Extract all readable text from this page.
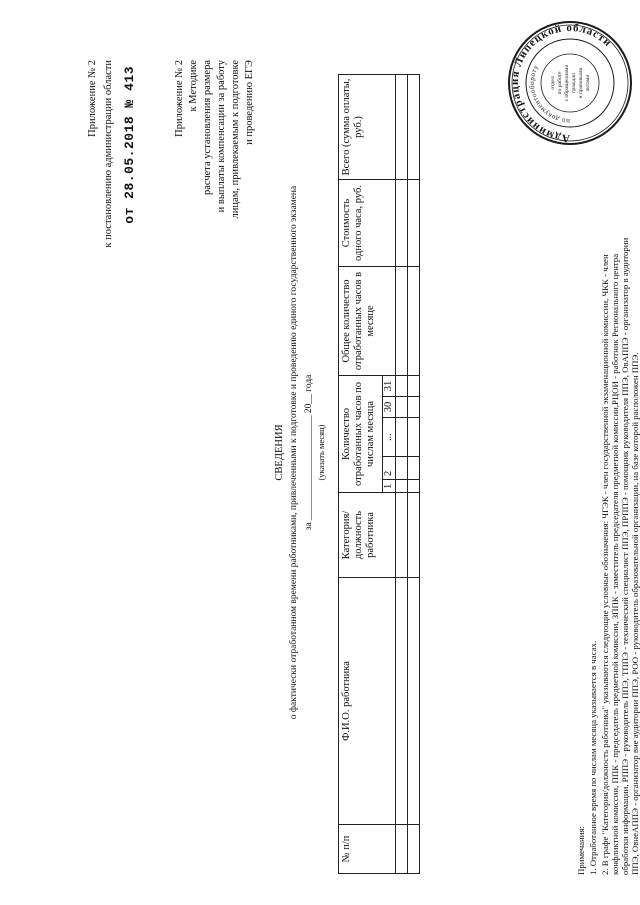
Приложение № 2 к постановлению администрации области от 28.05.2018 № 413	Приложение № 2 к Методике расчета установления размера и выплаты компенсации за работу лицам, привлекаемым к подготовке и проведению ЕГЭ
СВЕДЕНИЯ о фактически отработанном времени работниками, привлеченными к подготовке и проведению единого государственного экзамена за ______________________ 20__ года
(указать месяц)
№ п/п	Ф.И.О. работника	Категория/ должность работника	Количество отработанных часов по числам месяца					Общее количество отработанных часов в месяце	Стоимость одного часа, руб.	Всего (сумма оплаты, руб.)
			1	2	...	30	31			

Примечания: 1. Отработанное время по числам месяца указывается в часах. 2. В графе "Категория/должность работника" указываются следующие условные обозначения: ЧГЭК - член государственной экзаменационной комиссии, ЧКК - член конфликтной комиссии, ППК - председатель предметной комиссии, ЗППК - заместитель председателя предметной комиссии,РЦОИ - работник Регионального центра обработки информации, РППЭ - руководитель ППЭ, ТППЭ - технический специалист ППЭ, ПРППЭ - помощник руководителя ППЭ, ОвАППЭ - организатор в аудитории ППЭ, ОвнеАППЭ - организатор вне аудитории ППЭ, РОО - руководитель образовательной организации, на базе которой расположен ППЭ.
Администрация Липецкой области
по документообороту
отдел по работе с обращениями граждан и правовыми актами
